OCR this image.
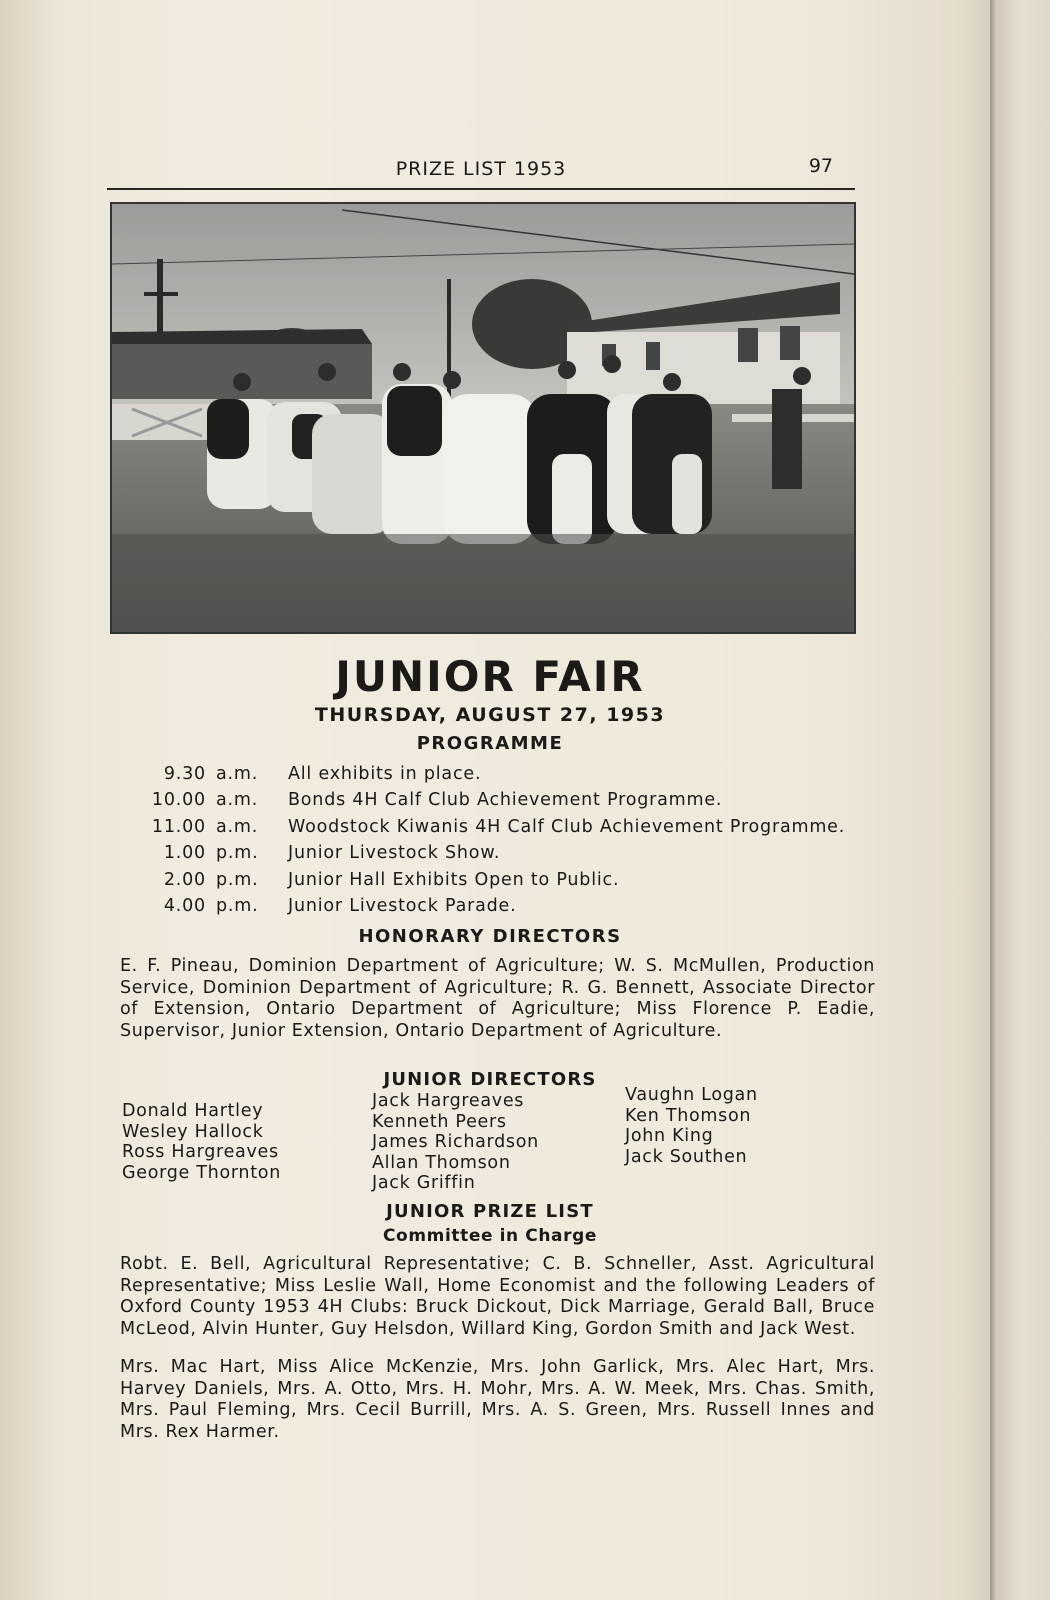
PRIZE LIST 1953	97
JUNIOR FAIR
THURSDAY, AUGUST 27, 1953
PROGRAMME
9.30 a.m. All exhibits in place.
10.00 a.m. Bonds 4H Calf Club Achievement Programme.
11.00 a.m. Woodstock Kiwanis 4H Calf Club Achievement Programme.
1.00 p.m. Junior Livestock Show.
2.00 p.m. Junior Hall Exhibits Open to Public.
4.00 p.m. Junior Livestock Parade.
HONORARY DIRECTORS
E. F. Pineau, Dominion Department of Agriculture; W. S. McMullen, Production Service, Dominion Department of Agriculture; R. G. Bennett, Associate Director of Extension, Ontario Department of Agriculture; Miss Florence P. Eadie, Supervisor, Junior Extension, Ontario Department of Agriculture.
JUNIOR DIRECTORS
Donald Hartley
Wesley Hallock
Ross Hargreaves
George Thornton
Jack Hargreaves
Kenneth Peers
James Richardson
Allan Thomson
Jack Griffin
Vaughn Logan
Ken Thomson
John King
Jack Southen
JUNIOR PRIZE LIST
Committee in Charge
Robt. E. Bell, Agricultural Representative; C. B. Schneller, Asst. Agricultural Representative; Miss Leslie Wall, Home Economist and the following Leaders of Oxford County 1953 4H Clubs: Bruck Dickout, Dick Marriage, Gerald Ball, Bruce McLeod, Alvin Hunter, Guy Helsdon, Willard King, Gordon Smith and Jack West.
Mrs. Mac Hart, Miss Alice McKenzie, Mrs. John Garlick, Mrs. Alec Hart, Mrs. Harvey Daniels, Mrs. A. Otto, Mrs. H. Mohr, Mrs. A. W. Meek, Mrs. Chas. Smith, Mrs. Paul Fleming, Mrs. Cecil Burrill, Mrs. A. S. Green, Mrs. Russell Innes and Mrs. Rex Harmer.
